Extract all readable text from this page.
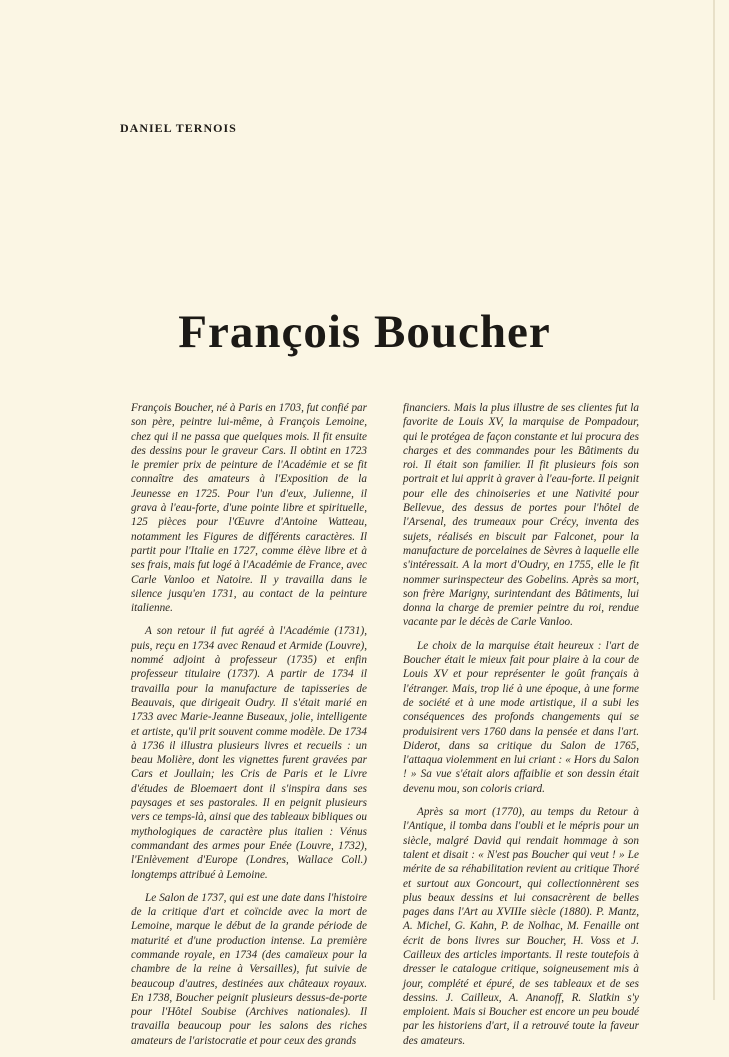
DANIEL TERNOIS
François Boucher

François Boucher, né à Paris en 1703, fut confié par son père, peintre lui-même, à François Lemoine, chez qui il ne passa que quelques mois. Il fit ensuite des dessins pour le graveur Cars. Il obtint en 1723 le premier prix de peinture de l'Académie et se fit connaître des amateurs à l'Exposition de la Jeunesse en 1725. Pour l'un d'eux, Julienne, il grava à l'eau-forte, d'une pointe libre et spirituelle, 125 pièces pour l'Œuvre d'Antoine Watteau, notamment les Figures de différents caractères. Il partit pour l'Italie en 1727, comme élève libre et à ses frais, mais fut logé à l'Académie de France, avec Carle Vanloo et Natoire. Il y travailla dans le silence jusqu'en 1731, au contact de la peinture italienne.

A son retour il fut agréé à l'Académie (1731), puis, reçu en 1734 avec Renaud et Armide (Louvre), nommé adjoint à professeur (1735) et enfin professeur titulaire (1737). A partir de 1734 il travailla pour la manufacture de tapisseries de Beauvais, que dirigeait Oudry. Il s'était marié en 1733 avec Marie-Jeanne Buseaux, jolie, intelligente et artiste, qu'il prit souvent comme modèle. De 1734 à 1736 il illustra plusieurs livres et recueils : un beau Molière, dont les vignettes furent gravées par Cars et Joullain; les Cris de Paris et le Livre d'études de Bloemaert dont il s'inspira dans ses paysages et ses pastorales. Il en peignit plusieurs vers ce temps-là, ainsi que des tableaux bibliques ou mythologiques de caractère plus italien : Vénus commandant des armes pour Enée (Louvre, 1732), l'Enlèvement d'Europe (Londres, Wallace Coll.) longtemps attribué à Lemoine.

Le Salon de 1737, qui est une date dans l'histoire de la critique d'art et coïncide avec la mort de Lemoine, marque le début de la grande période de maturité et d'une production intense. La première commande royale, en 1734 (des camaïeux pour la chambre de la reine à Versailles), fut suivie de beaucoup d'autres, destinées aux châteaux royaux. En 1738, Boucher peignit plusieurs dessus-de-porte pour l'Hôtel Soubise (Archives nationales). Il travailla beaucoup pour les salons des riches amateurs de l'aristocratie et pour ceux des grands

financiers. Mais la plus illustre de ses clientes fut la favorite de Louis XV, la marquise de Pompadour, qui le protégea de façon constante et lui procura des charges et des commandes pour les Bâtiments du roi. Il était son familier. Il fit plusieurs fois son portrait et lui apprit à graver à l'eau-forte. Il peignit pour elle des chinoiseries et une Nativité pour Bellevue, des dessus de portes pour l'hôtel de l'Arsenal, des trumeaux pour Crécy, inventa des sujets, réalisés en biscuit par Falconet, pour la manufacture de porcelaines de Sèvres à laquelle elle s'intéressait. A la mort d'Oudry, en 1755, elle le fit nommer surinspecteur des Gobelins. Après sa mort, son frère Marigny, surintendant des Bâtiments, lui donna la charge de premier peintre du roi, rendue vacante par le décès de Carle Vanloo.

Le choix de la marquise était heureux : l'art de Boucher était le mieux fait pour plaire à la cour de Louis XV et pour représenter le goût français à l'étranger. Mais, trop lié à une époque, à une forme de société et à une mode artistique, il a subi les conséquences des profonds changements qui se produisirent vers 1760 dans la pensée et dans l'art. Diderot, dans sa critique du Salon de 1765, l'attaqua violemment en lui criant : « Hors du Salon ! » Sa vue s'était alors affaiblie et son dessin était devenu mou, son coloris criard.

Après sa mort (1770), au temps du Retour à l'Antique, il tomba dans l'oubli et le mépris pour un siècle, malgré David qui rendait hommage à son talent et disait : « N'est pas Boucher qui veut ! » Le mérite de sa réhabilitation revient au critique Thoré et surtout aux Goncourt, qui collectionnèrent ses plus beaux dessins et lui consacrèrent de belles pages dans l'Art au XVIIIe siècle (1880). P. Mantz, A. Michel, G. Kahn, P. de Nolhac, M. Fenaille ont écrit de bons livres sur Boucher, H. Voss et J. Cailleux des articles importants. Il reste toutefois à dresser le catalogue critique, soigneusement mis à jour, complété et épuré, de ses tableaux et de ses dessins. J. Cailleux, A. Ananoff, R. Slatkin s'y emploient. Mais si Boucher est encore un peu boudé par les historiens d'art, il a retrouvé toute la faveur des amateurs.
